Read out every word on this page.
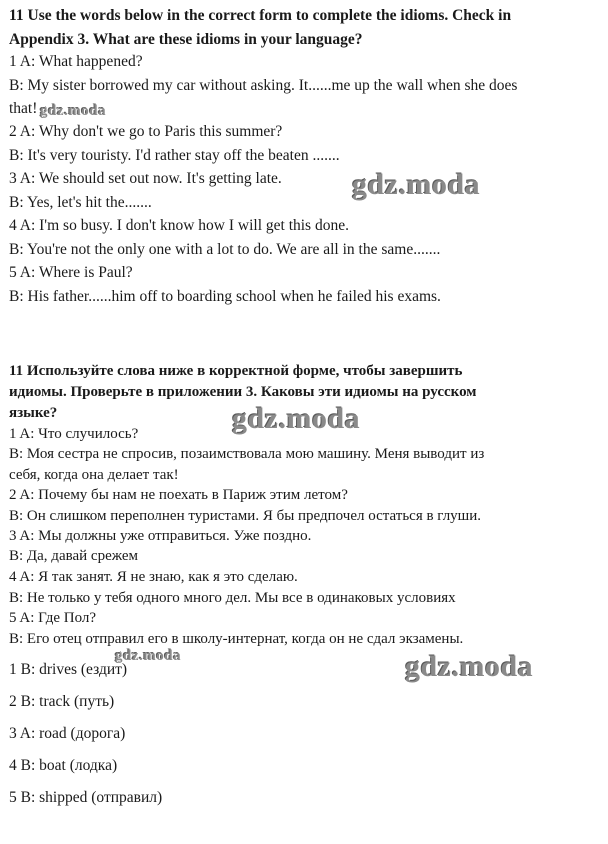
11 Use the words below in the correct form to complete the idioms. Check in
Appendix 3. What are these idioms in your language?
1 A: What happened?
B: My sister borrowed my car without asking. It......me up the wall when she does
that!
2 A: Why don't we go to Paris this summer?
B: It's very touristy. I'd rather stay off the beaten .......
3 A: We should set out now. It's getting late.
B: Yes, let's hit the.......
4 A: I'm so busy. I don't know how I will get this done.
B: You're not the only one with a lot to do. We are all in the same.......
5 A: Where is Paul?
B: His father......him off to boarding school when he failed his exams.
11 Используйте слова ниже в корректной форме, чтобы завершить
идиомы. Проверьте в приложении 3. Каковы эти идиомы на русском
языке?
1 A: Что случилось?
B: Моя сестра не спросив, позаимствовала мою машину. Меня выводит из
себя, когда она делает так!
2 A: Почему бы нам не поехать в Париж этим летом?
B: Он слишком переполнен туристами. Я бы предпочел остаться в глуши.
3 A: Мы должны уже отправиться. Уже поздно.
B: Да, давай срежем
4 A: Я так занят. Я не знаю, как я это сделаю.
B: Не только у тебя одного много дел. Мы все в одинаковых условиях
5 A: Где Пол?
B: Его отец отправил его в школу-интернат, когда он не сдал экзамены.
1 B: drives (ездит)
2 B: track (путь)
3 A: road (дорога)
4 B: boat (лодка)
5 B: shipped (отправил)
gdz.moda
gdz.moda
gdz.moda
gdz.moda	gdz.moda
